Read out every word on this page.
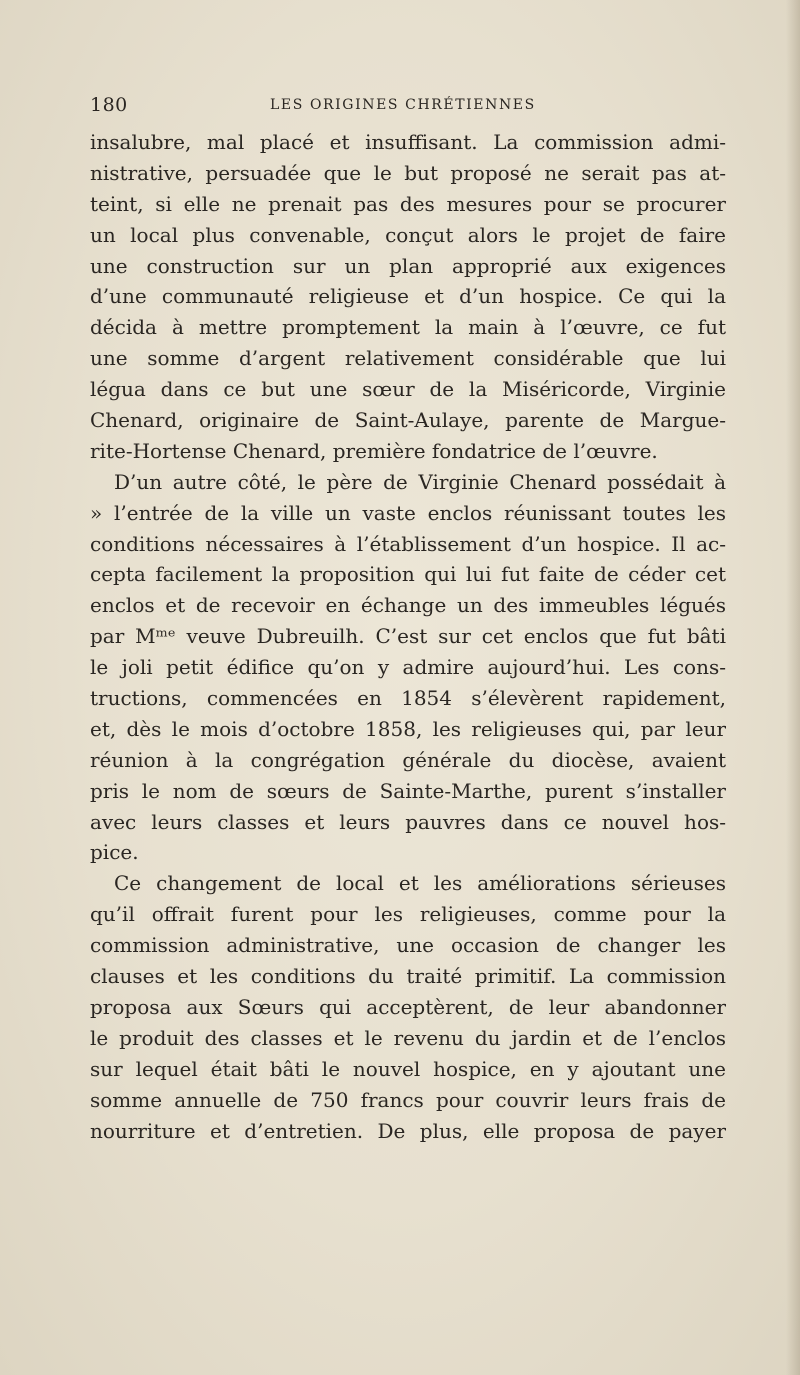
180	LES ORIGINES CHRÉTIENNES
insalubre, mal placé et insuffisant. La commission admi-
nistrative, persuadée que le but proposé ne serait pas at-
teint, si elle ne prenait pas des mesures pour se procurer
un local plus convenable, conçut alors le projet de faire
une construction sur un plan approprié aux exigences
d’une communauté religieuse et d’un hospice. Ce qui la
décida à mettre promptement la main à l’œuvre, ce fut
une somme d’argent relativement considérable que lui
légua dans ce but une sœur de la Miséricorde, Virginie
Chenard, originaire de Saint-Aulaye, parente de Margue-
rite-Hortense Chenard, première fondatrice de l’œuvre.
D’un autre côté, le père de Virginie Chenard possédait à
» l’entrée de la ville un vaste enclos réunissant toutes les
conditions nécessaires à l’établissement d’un hospice. Il ac-
cepta facilement la proposition qui lui fut faite de céder cet
enclos et de recevoir en échange un des immeubles légués
par Mᵐᵉ veuve Dubreuilh. C’est sur cet enclos que fut bâti
le joli petit édifice qu’on y admire aujourd’hui. Les cons-
tructions, commencées en 1854 s’élevèrent rapidement,
et, dès le mois d’octobre 1858, les religieuses qui, par leur
réunion à la congrégation générale du diocèse, avaient
pris le nom de sœurs de Sainte-Marthe, purent s’installer
avec leurs classes et leurs pauvres dans ce nouvel hos-
pice.
Ce changement de local et les améliorations sérieuses
qu’il offrait furent pour les religieuses, comme pour la
commission administrative, une occasion de changer les
clauses et les conditions du traité primitif. La commission
proposa aux Sœurs qui acceptèrent, de leur abandonner
le produit des classes et le revenu du jardin et de l’enclos
sur lequel était bâti le nouvel hospice, en y ajoutant une
somme annuelle de 750 francs pour couvrir leurs frais de
nourriture et d’entretien. De plus, elle proposa de payer
